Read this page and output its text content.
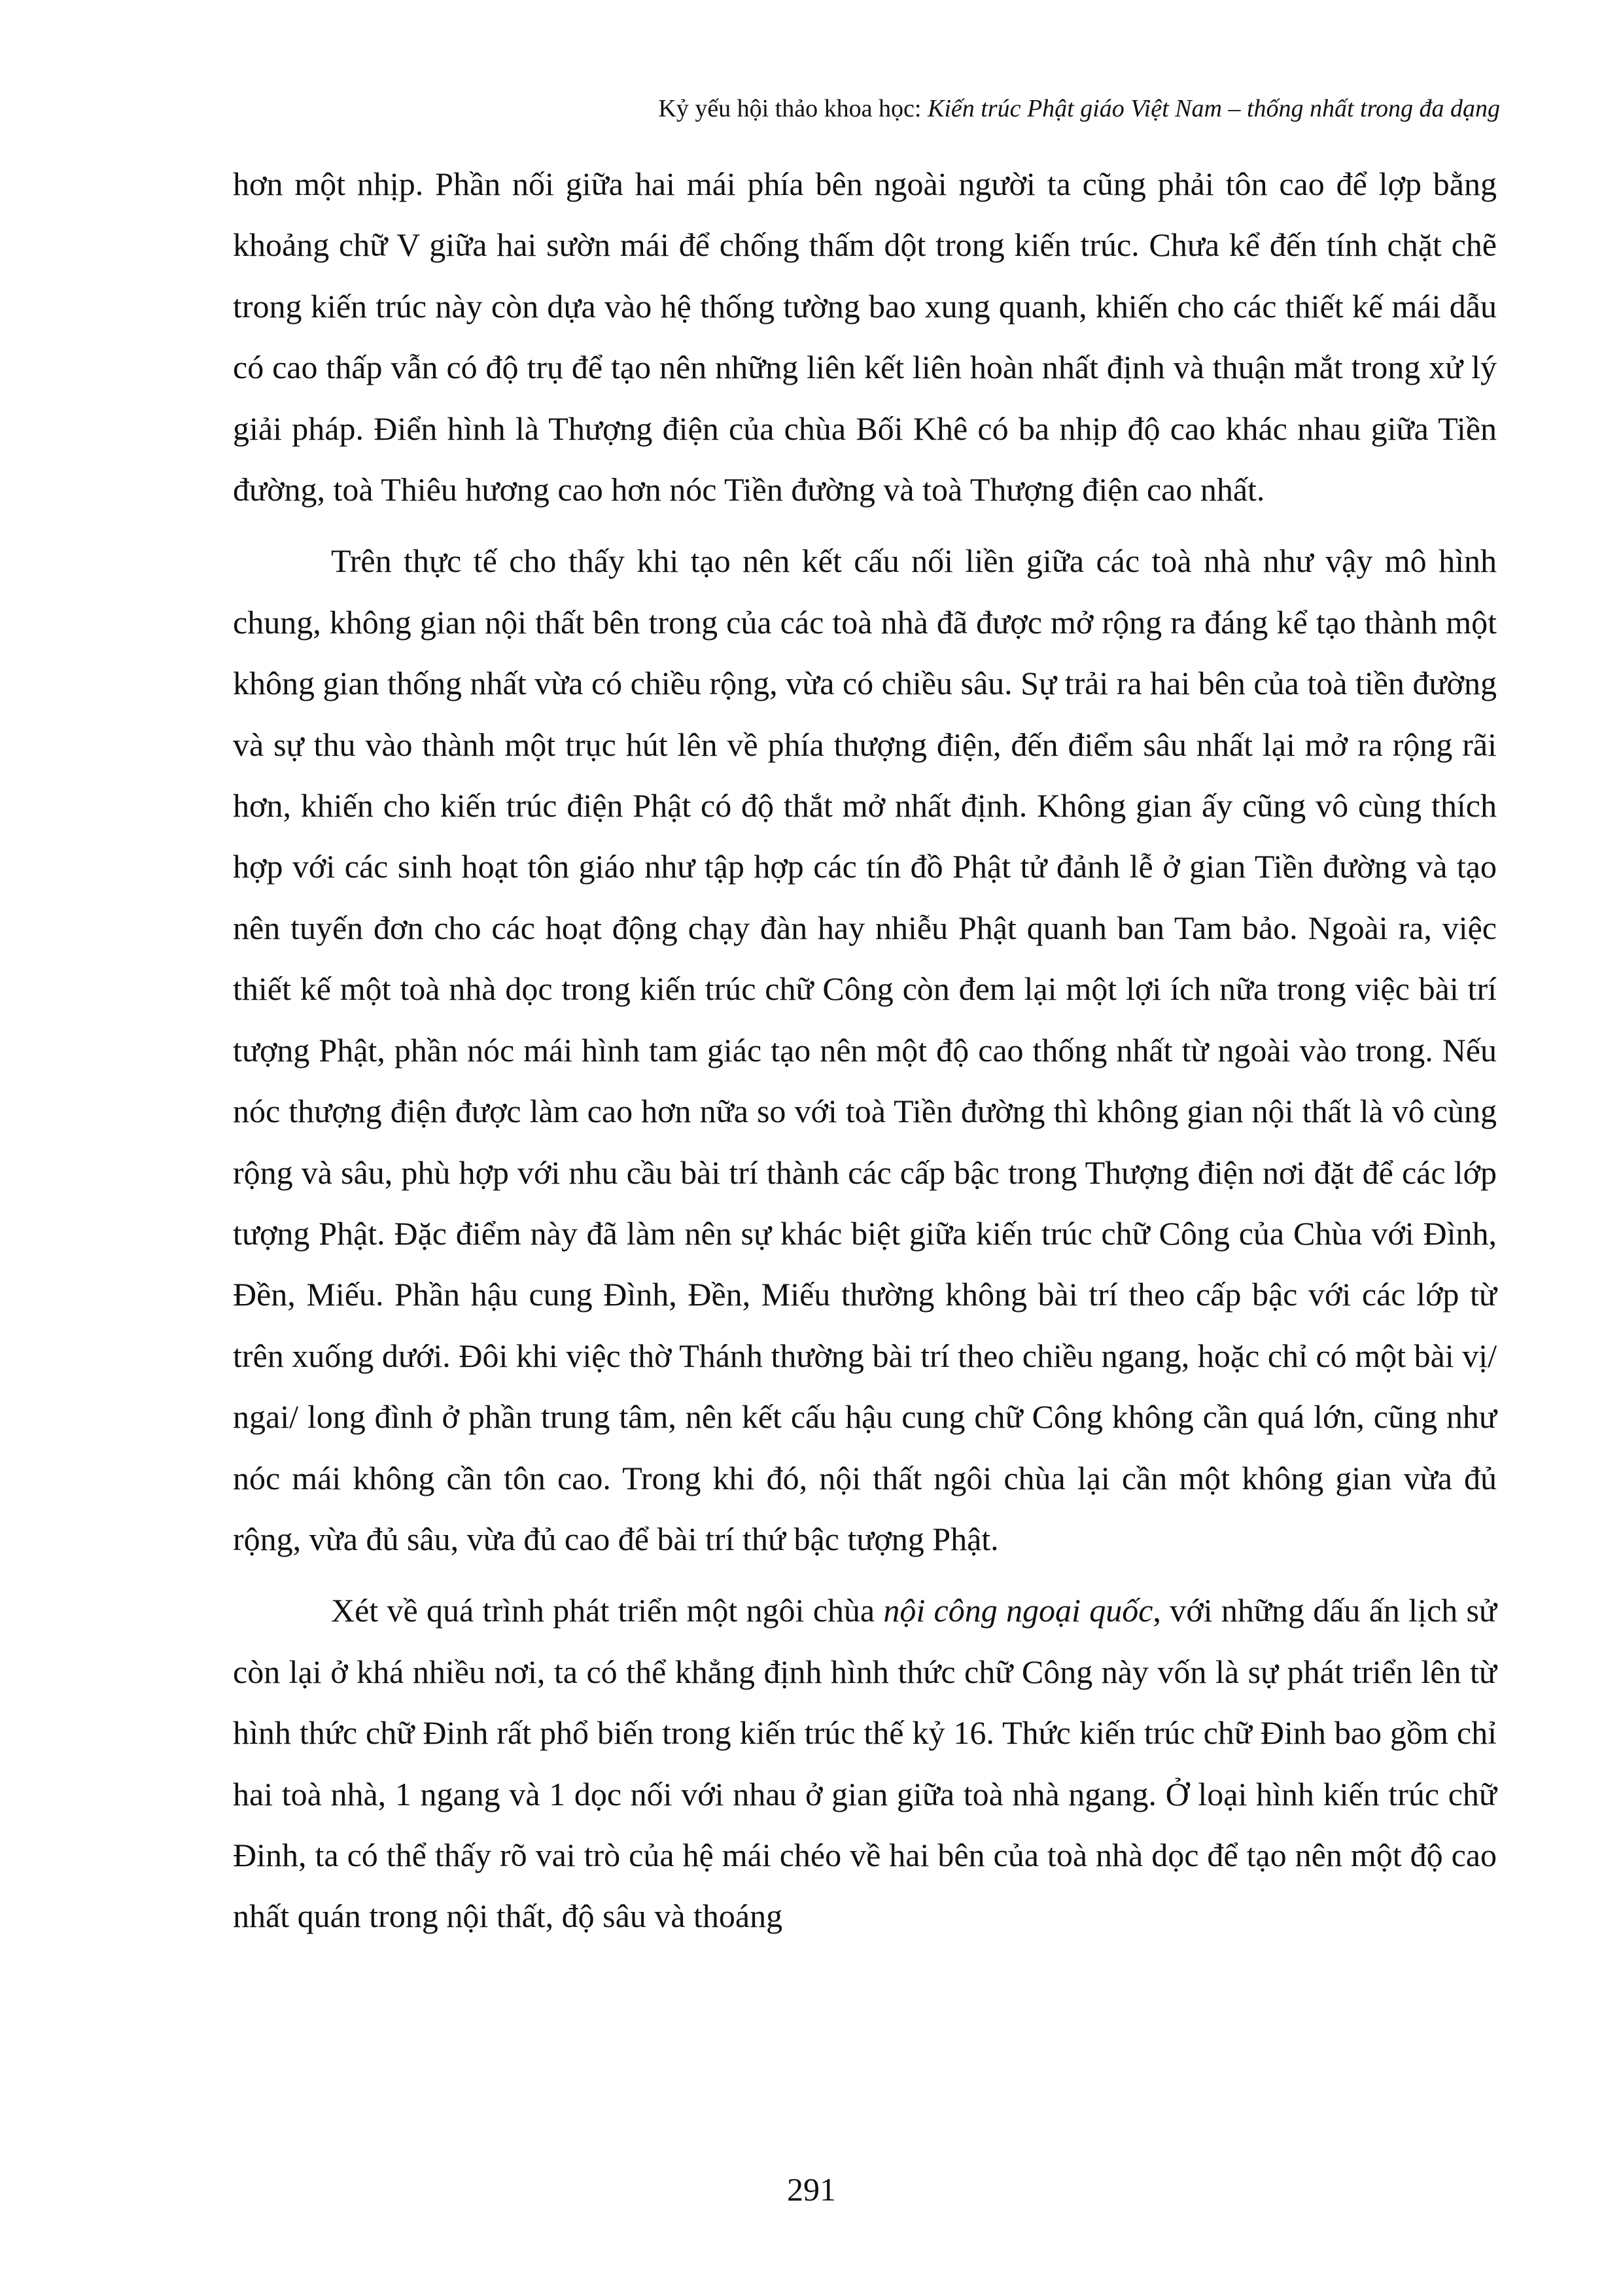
Kỷ yếu hội thảo khoa học: Kiến trúc Phật giáo Việt Nam – thống nhất trong đa dạng

hơn một nhịp. Phần nối giữa hai mái phía bên ngoài người ta cũng phải tôn cao để lợp bằng khoảng chữ V giữa hai sườn mái để chống thấm dột trong kiến trúc. Chưa kể đến tính chặt chẽ trong kiến trúc này còn dựa vào hệ thống tường bao xung quanh, khiến cho các thiết kế mái dẫu có cao thấp vẫn có độ trụ để tạo nên những liên kết liên hoàn nhất định và thuận mắt trong xử lý giải pháp. Điển hình là Thượng điện của chùa Bối Khê có ba nhịp độ cao khác nhau giữa Tiền đường, toà Thiêu hương cao hơn nóc Tiền đường và toà Thượng điện cao nhất.

Trên thực tế cho thấy khi tạo nên kết cấu nối liền giữa các toà nhà như vậy mô hình chung, không gian nội thất bên trong của các toà nhà đã được mở rộng ra đáng kể tạo thành một không gian thống nhất vừa có chiều rộng, vừa có chiều sâu. Sự trải ra hai bên của toà tiền đường và sự thu vào thành một trục hút lên về phía thượng điện, đến điểm sâu nhất lại mở ra rộng rãi hơn, khiến cho kiến trúc điện Phật có độ thắt mở nhất định. Không gian ấy cũng vô cùng thích hợp với các sinh hoạt tôn giáo như tập hợp các tín đồ Phật tử đảnh lễ ở gian Tiền đường và tạo nên tuyến đơn cho các hoạt động chạy đàn hay nhiễu Phật quanh ban Tam bảo. Ngoài ra, việc thiết kế một toà nhà dọc trong kiến trúc chữ Công còn đem lại một lợi ích nữa trong việc bài trí tượng Phật, phần nóc mái hình tam giác tạo nên một độ cao thống nhất từ ngoài vào trong. Nếu nóc thượng điện được làm cao hơn nữa so với toà Tiền đường thì không gian nội thất là vô cùng rộng và sâu, phù hợp với nhu cầu bài trí thành các cấp bậc trong Thượng điện nơi đặt để các lớp tượng Phật. Đặc điểm này đã làm nên sự khác biệt giữa kiến trúc chữ Công của Chùa với Đình, Đền, Miếu. Phần hậu cung Đình, Đền, Miếu thường không bài trí theo cấp bậc với các lớp từ trên xuống dưới. Đôi khi việc thờ Thánh thường bài trí theo chiều ngang, hoặc chỉ có một bài vị/ ngai/ long đình ở phần trung tâm, nên kết cấu hậu cung chữ Công không cần quá lớn, cũng như nóc mái không cần tôn cao. Trong khi đó, nội thất ngôi chùa lại cần một không gian vừa đủ rộng, vừa đủ sâu, vừa đủ cao để bài trí thứ bậc tượng Phật.

Xét về quá trình phát triển một ngôi chùa nội công ngoại quốc, với những dấu ấn lịch sử còn lại ở khá nhiều nơi, ta có thể khẳng định hình thức chữ Công này vốn là sự phát triển lên từ hình thức chữ Đinh rất phổ biến trong kiến trúc thế kỷ 16. Thức kiến trúc chữ Đinh bao gồm chỉ hai toà nhà, 1 ngang và 1 dọc nối với nhau ở gian giữa toà nhà ngang. Ở loại hình kiến trúc chữ Đinh, ta có thể thấy rõ vai trò của hệ mái chéo về hai bên của toà nhà dọc để tạo nên một độ cao nhất quán trong nội thất, độ sâu và thoáng

291
